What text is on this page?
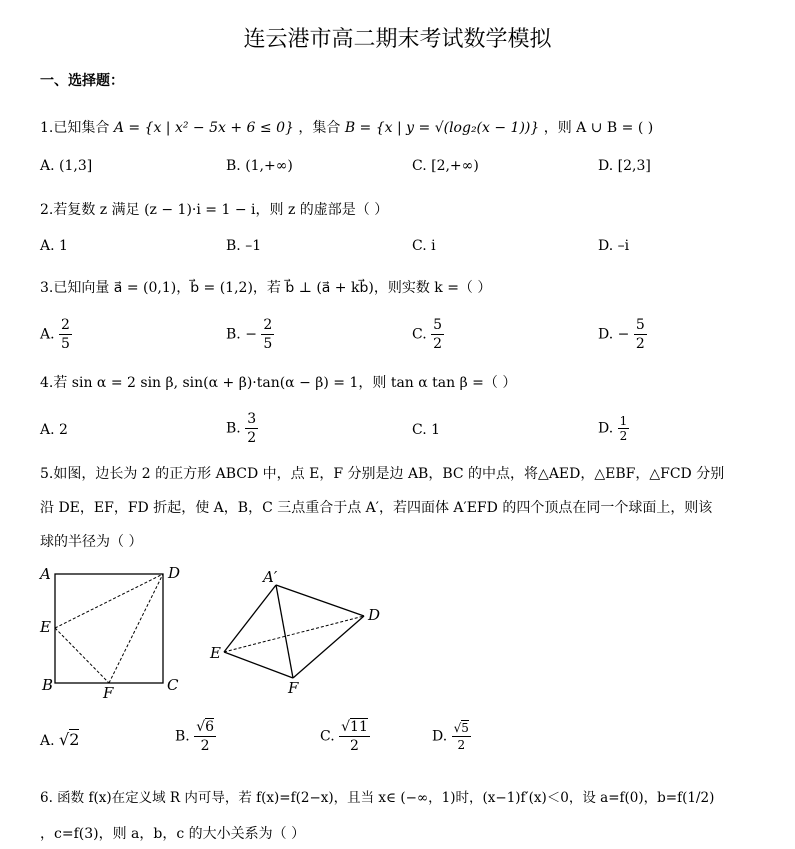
连云港市高二期末考试数学模拟
一、选择题：
1.已知集合 A = {x | x² − 5x + 6 ≤ 0} ，集合 B = {x | y = √(log₂(x − 1))} ，则 A ∪ B = ( )
A. (1,3]	B. (1,+∞)	C. [2,+∞)	D. [2,3]
2.若复数 z 满足 (z − 1)·i = 1 − i，则 z 的虚部是（ ）
A. 1	B. –1	C. i	D. –i
3.已知向量 a⃗ = (0,1)，b⃗ = (1,2)，若 b⃗ ⊥ (a⃗ + kb⃗)，则实数 k =（ ）
A. $\frac{2}{5}$	B. − $\frac{2}{5}$	C. $\frac{5}{2}$	D. − $\frac{5}{2}$
4.若 sin α = 2 sin β, sin(α + β)·tan(α − β) = 1，则 tan α tan β =（ ）
A. 2	B. $\frac{3}{2}$	C. 1	D. $\frac{1}{2}$
5.如图，边长为 2 的正方形 ABCD 中，点 E，F 分别是边 AB，BC 的中点，将△AED，△EBF，△FCD 分别
沿 DE，EF，FD 折起，使 A，B，C 三点重合于点 A′，若四面体 A′EFD 的四个顶点在同一个球面上，则该
球的半径为（ ）
A	D
E
B	F	C
A′
D
E
F
A. √2	B. $\frac{√6}{2}$	C. $\frac{√11}{2}$	D. $\frac{√5}{2}$
6. 函数 f(x)在定义域 R 内可导，若 f(x)=f(2−x)，且当 x∈ (−∞，1)时，(x−1)f′(x)＜0，设 a=f(0)，b=f(1/2)
，c=f(3)，则 a，b，c 的大小关系为（ ）
